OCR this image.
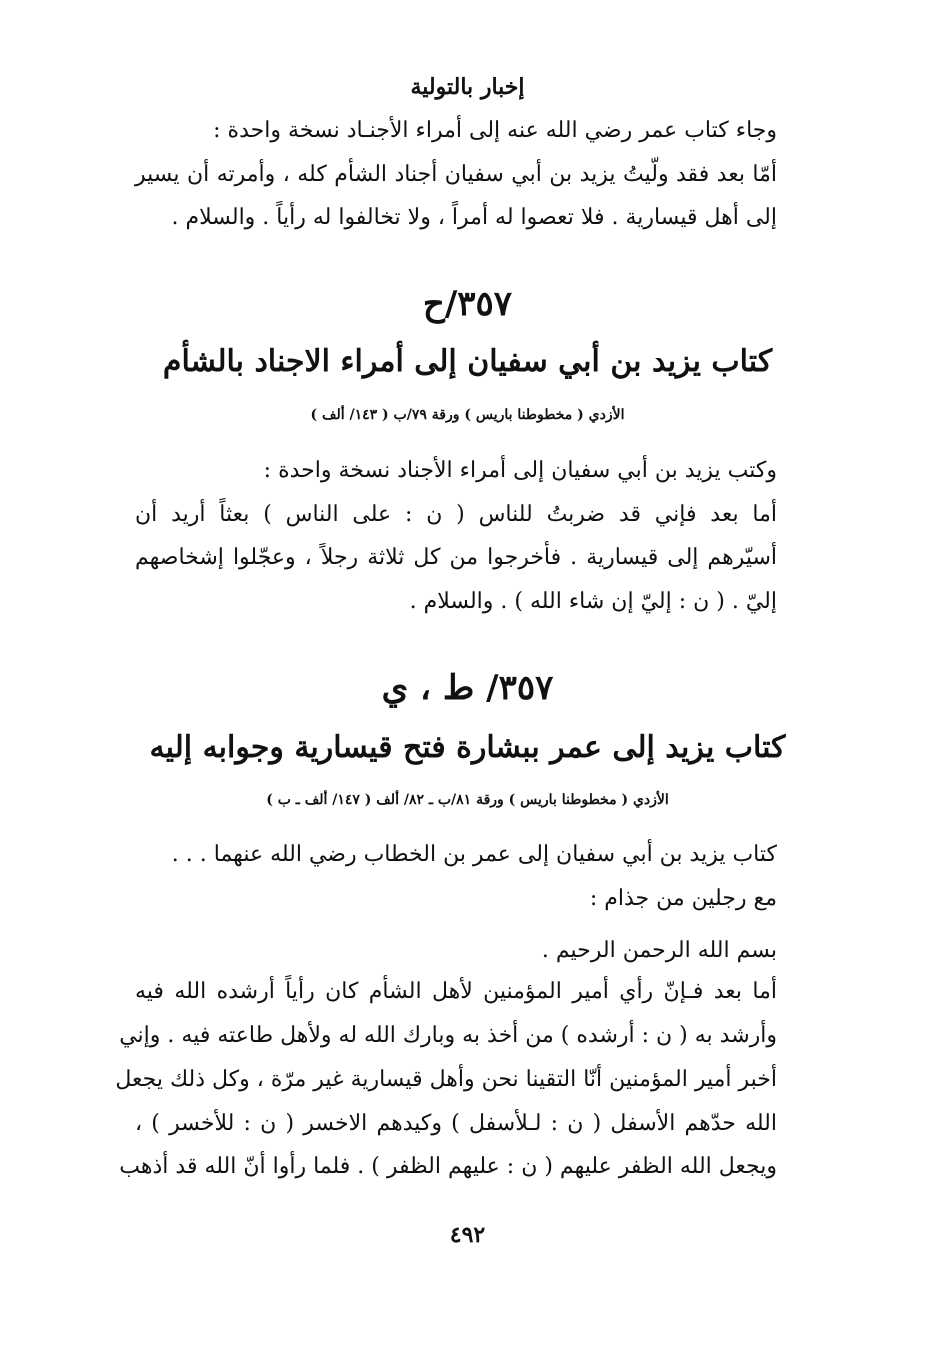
إخبار بالتولية
وجاء كتاب عمر رضي الله عنه إلى أمراء الأجنـاد نسخة واحدة :
أمّا بعد فقد ولّيتُ يزيد بن أبي سفيان أجناد الشأم كله ، وأمرته أن يسير
إلى أهل قيسارية . فلا تعصوا له أمراً ، ولا تخالفوا له رأياً . والسلام .
٣٥٧/ح
كتاب يزيد بن أبي سفيان إلى أمراء الاجناد بالشأم
الأزدي ( مخطوطنا باريس ) ورقة ٧٩/ب ( ١٤٣/ ألف )
وكتب يزيد بن أبي سفيان إلى أمراء الأجناد نسخة واحدة :
أما بعد فإني قد ضربتُ للناس ( ن : على الناس ) بعثاً أريد أن
أسيّرهم إلى قيسارية . فأخرجوا من كل ثلاثة رجلاً ، وعجّلوا إشخاصهم
إليّ . ( ن : إليّ إن شاء الله ) . والسلام .
٣٥٧/ ط ، ي
كتاب يزيد إلى عمر ببشارة فتح قيسارية وجوابه إليه
الأزدي ( مخطوطنا باريس ) ورقة ٨١/ب ـ ٨٢/ ألف ( ١٤٧/ ألف ـ ب )
كتاب يزيد بن أبي سفيان إلى عمر بن الخطاب رضي الله عنهما . . .
مع رجلين من جذام :
بسم الله الرحمن الرحيم .
أما بعد فـإنّ رأي أمير المؤمنين لأهل الشأم كان رأياً أرشده الله فيه
وأرشد به ( ن : أرشده ) من أخذ به وبارك الله له ولأهل طاعته فيه . وإني
أخبر أمير المؤمنين أنّا التقينا نحن وأهل قيسارية غير مرّة ، وكل ذلك يجعل
الله حدّهم الأسفل ( ن : لـلأسفل ) وكيدهم الاخسر ( ن : للأخسر ) ،
ويجعل الله الظفر عليهم ( ن : عليهم الظفر ) . فلما رأوا أنّ الله قد أذهب
٤٩٢
